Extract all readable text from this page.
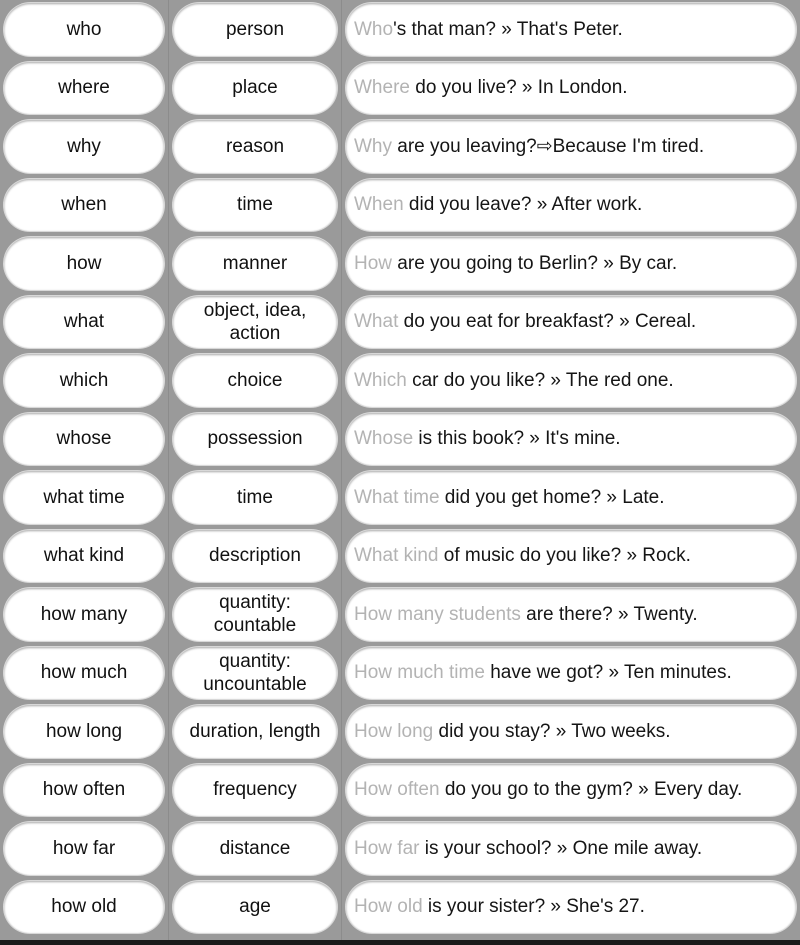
who
where
why
when
how
what
which
whose
what time
what kind
how many
how much
how long
how often
how far
how old
person
place
reason
time
manner
object, idea, action
choice
possession
time
description
quantity: countable
quantity: uncountable
duration, length
frequency
distance
age
Who 's that man? » That's Peter.
Where do you live? » In London.
Why are you leaving?⇨Because I'm tired.
When did you leave? » After work.
How are you going to Berlin? » By car.
What do you eat for breakfast? » Cereal.
Which car do you like? » The red one.
Whose is this book? » It's mine.
What time did you get home? » Late.
What kind of music do you like? » Rock.
How many students are there? » Twenty.
How much time have we got? » Ten minutes.
How long did you stay? » Two weeks.
How often do you go to the gym? » Every day.
How far is your school? » One mile away.
How old is your sister? » She's 27.
